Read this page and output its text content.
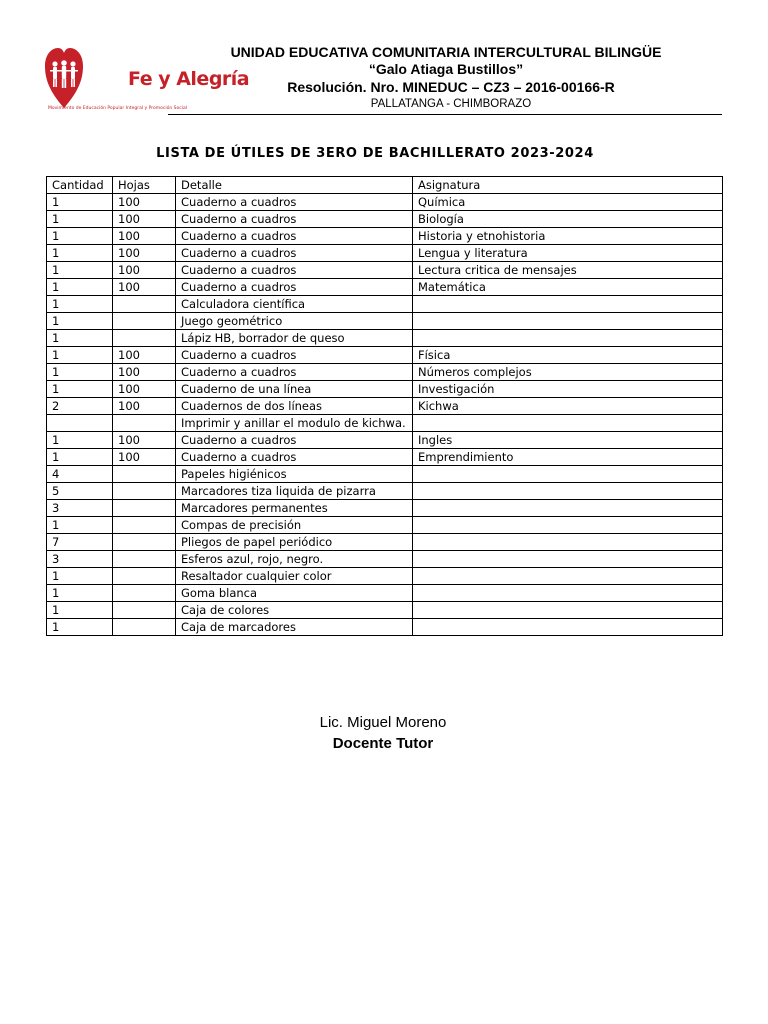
Fe y Alegría
Movimiento de Educación Popular Integral y Promoción Social
UNIDAD EDUCATIVA COMUNITARIA INTERCULTURAL BILINGÜE
“Galo Atiaga Bustillos”
Resolución. Nro. MINEDUC – CZ3 – 2016-00166-R
PALLATANGA - CHIMBORAZO
LISTA DE ÚTILES DE 3ERO DE BACHILLERATO 2023-2024
Cantidad	Hojas	Detalle	Asignatura
1	100	Cuaderno a cuadros	Química
1	100	Cuaderno a cuadros	Biología
1	100	Cuaderno a cuadros	Historia y etnohistoria
1	100	Cuaderno a cuadros	Lengua y literatura
1	100	Cuaderno a cuadros	Lectura critica de mensajes
1	100	Cuaderno a cuadros	Matemática
1		Calculadora científica	
1		Juego geométrico	
1		Lápiz HB, borrador de queso	
1	100	Cuaderno a cuadros	Física
1	100	Cuaderno a cuadros	Números complejos
1	100	Cuaderno de una línea	Investigación
2	100	Cuadernos de dos líneas	Kichwa
		Imprimir y anillar el modulo de kichwa.	
1	100	Cuaderno a cuadros	Ingles
1	100	Cuaderno a cuadros	Emprendimiento
4		Papeles higiénicos	
5		Marcadores tiza liquida de pizarra	
3		Marcadores permanentes	
1		Compas de precisión	
7		Pliegos de papel periódico	
3		Esferos azul, rojo, negro.	
1		Resaltador cualquier color	
1		Goma blanca	
1		Caja de colores	
1		Caja de marcadores	
Lic. Miguel Moreno
Docente Tutor
